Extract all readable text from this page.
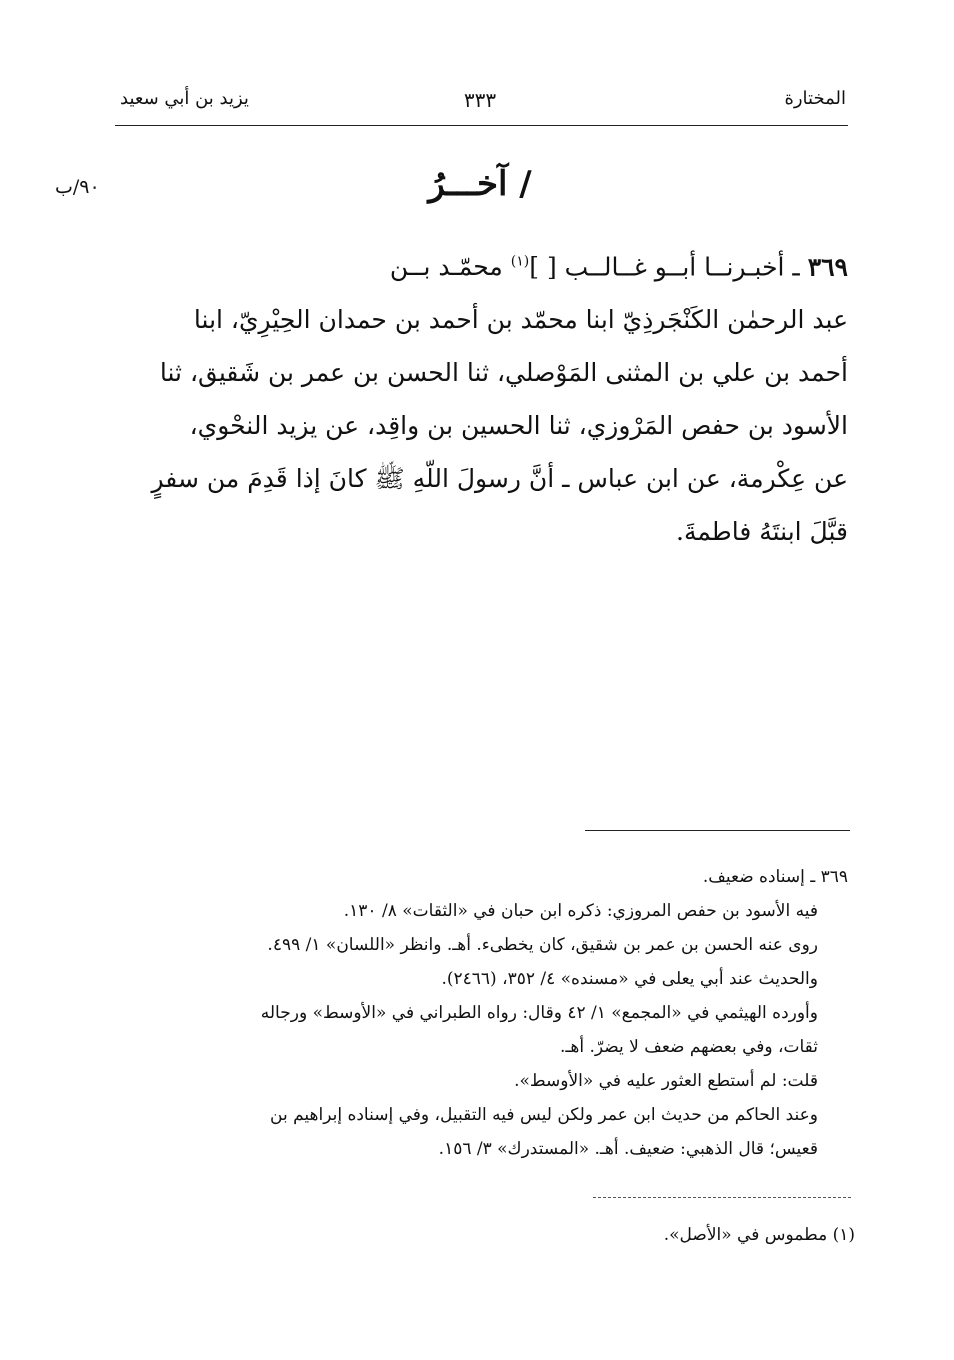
المختارة
٣٣٣
يزيد بن أبي سعيد
٩٠/ب	/ آخـــرُ
٣٦٩ ـ أخبـرنــا أبــو غــالــب [ ]$^{(١)}$ محمّـد بــن
عبد الرحمٰن الكَنْجَرذِيّ ابنا محمّد بن أحمد بن حمدان الحِيْرِيّ، ابنا
أحمد بن علي بن المثنى المَوْصلي، ثنا الحسن بن عمر بن شَقيق، ثنا
الأسود بن حفص المَرْوزي، ثنا الحسين بن واقِد، عن يزيد النحْوي،
عن عِكْرمة، عن ابن عباس ـ أنَّ رسولَ اللّهِ ﷺ كانَ إذا قَدِمَ من سفرٍ
قبَّلَ ابنتَهُ فاطمةَ.
٣٦٩ ـ إسناده ضعيف.
فيه الأسود بن حفص المروزي: ذكره ابن حبان في «الثقات» ٨/ ١٣٠.
روى عنه الحسن بن عمر بن شقيق، كان يخطىء. أهـ. وانظر «اللسان» ١/ ٤٩٩.
والحديث عند أبي يعلى في «مسنده» ٤/ ٣٥٢، (٢٤٦٦).
وأورده الهيثمي في «المجمع» ١/ ٤٢ وقال: رواه الطبراني في «الأوسط» ورجاله
ثقات، وفي بعضهم ضعف لا يضرّ. أهـ.
قلت: لم أستطع العثور عليه في «الأوسط».
وعند الحاكم من حديث ابن عمر ولكن ليس فيه التقبيل، وفي إسناده إبراهيم بن
قعيس؛ قال الذهبي: ضعيف. أهـ. «المستدرك» ٣/ ١٥٦.
(١) مطموس في «الأصل».
